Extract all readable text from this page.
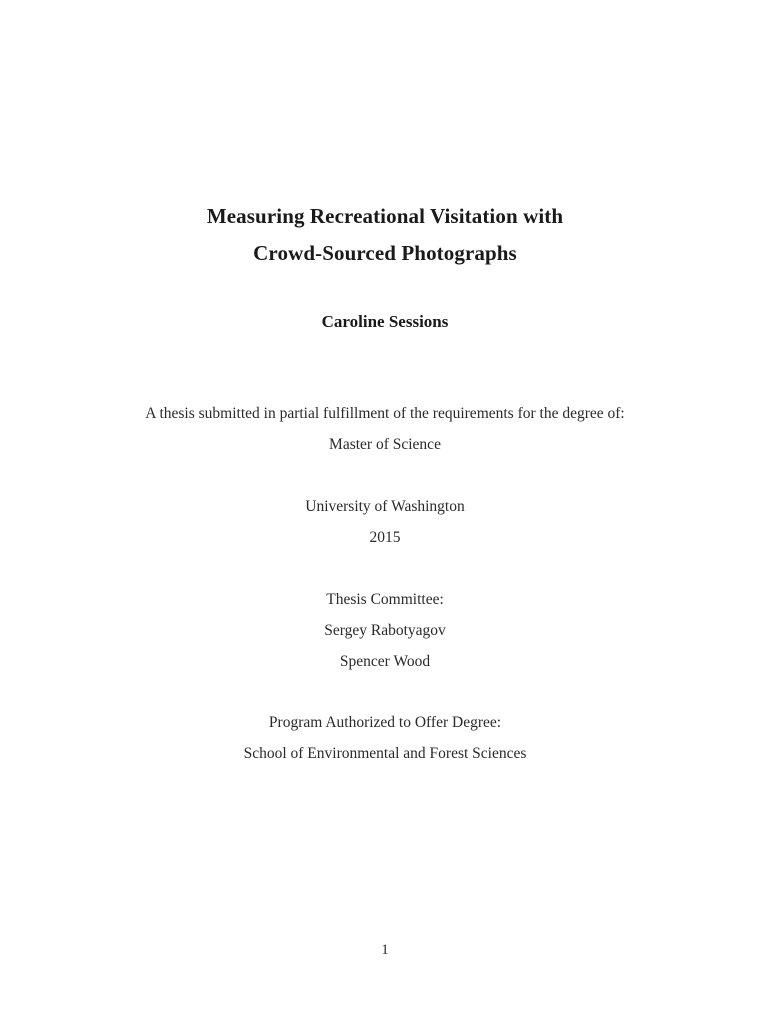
Measuring Recreational Visitation with
Crowd-Sourced Photographs
Caroline Sessions
A thesis submitted in partial fulfillment of the requirements for the degree of:
Master of Science
University of Washington
2015
Thesis Committee:
Sergey Rabotyagov
Spencer Wood
Program Authorized to Offer Degree:
School of Environmental and Forest Sciences
1
